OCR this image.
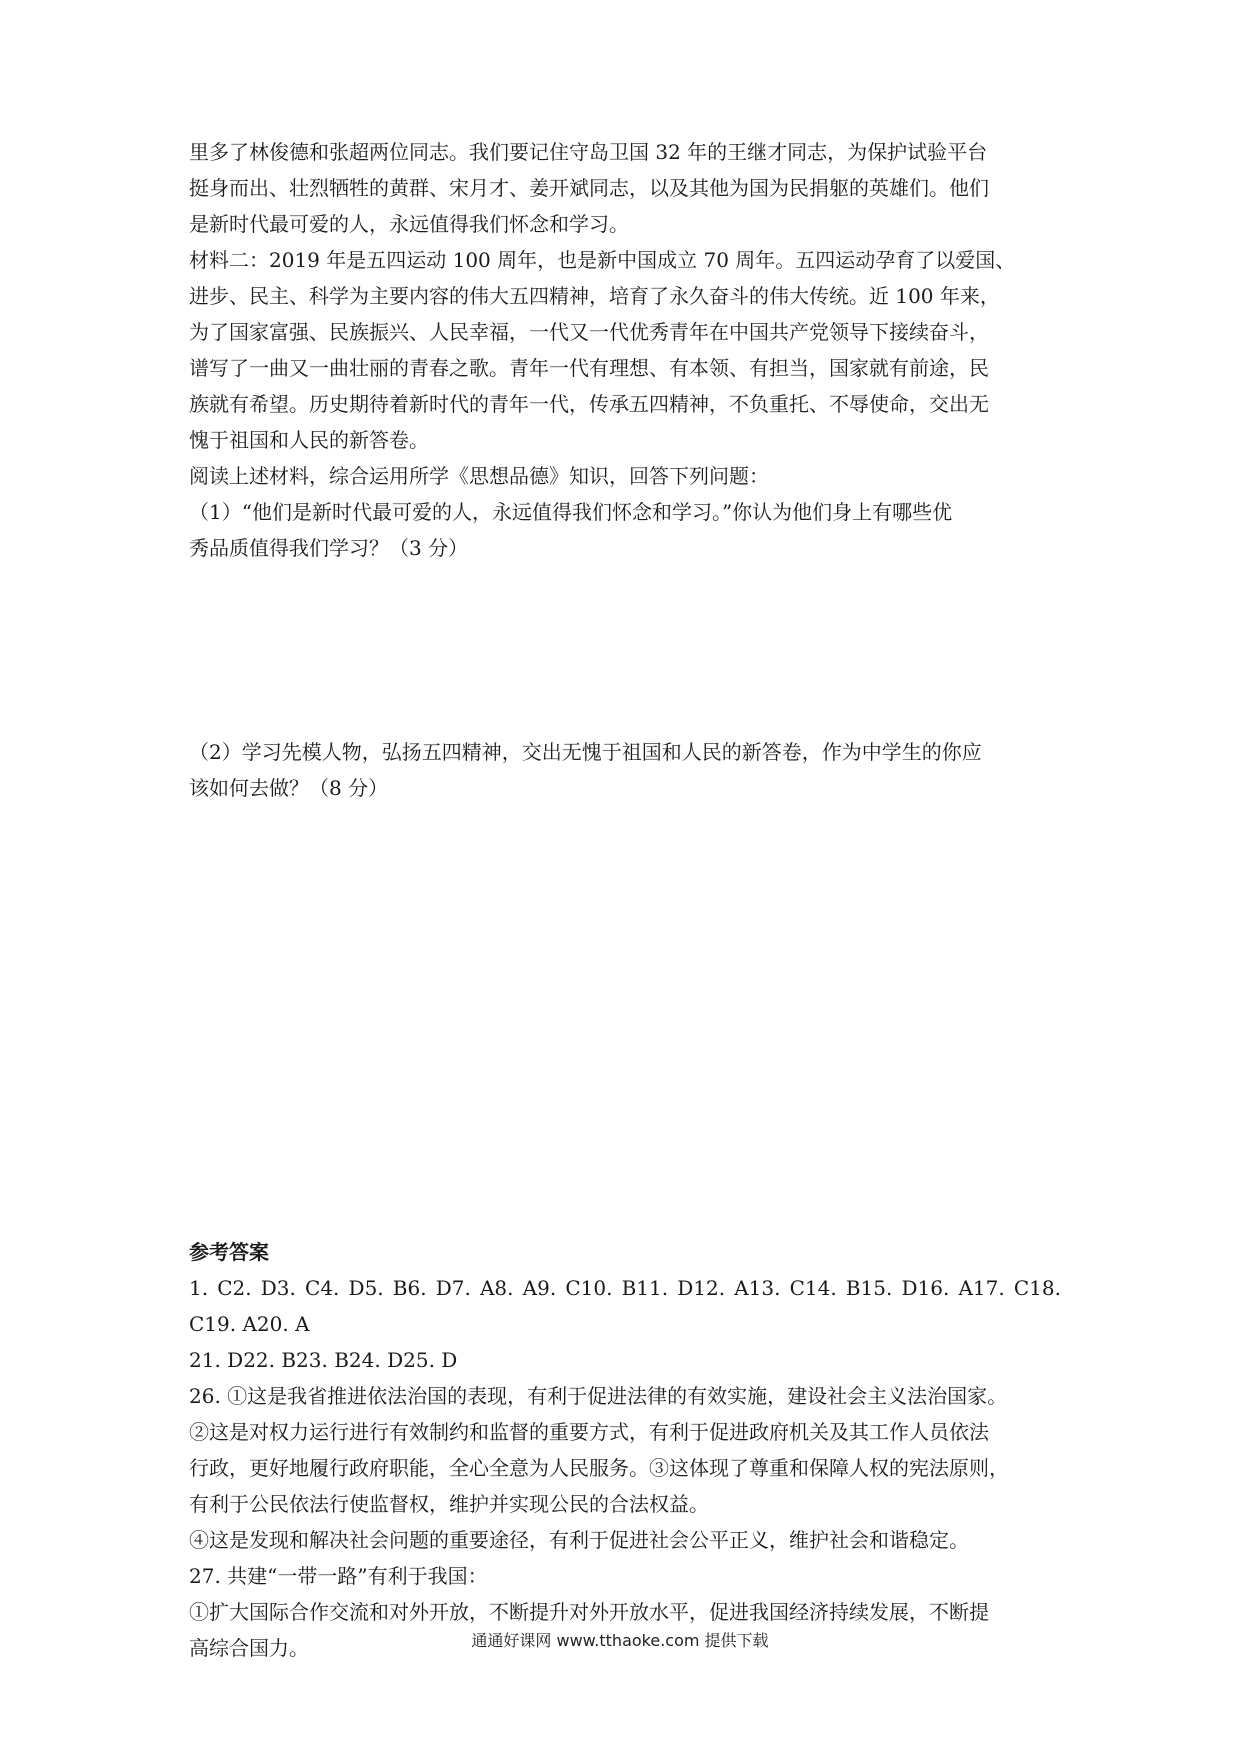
里多了林俊德和张超两位同志。我们要记住守岛卫国 32 年的王继才同志，为保护试验平台

挺身而出、壮烈牺牲的黄群、宋月才、姜开斌同志，以及其他为国为民捐躯的英雄们。他们

是新时代最可爱的人，永远值得我们怀念和学习。

材料二：2019 年是五四运动 100 周年，也是新中国成立 70 周年。五四运动孕育了以爱国、

进步、民主、科学为主要内容的伟大五四精神，培育了永久奋斗的伟大传统。近 100 年来，

为了国家富强、民族振兴、人民幸福，一代又一代优秀青年在中国共产党领导下接续奋斗，

谱写了一曲又一曲壮丽的青春之歌。青年一代有理想、有本领、有担当，国家就有前途，民

族就有希望。历史期待着新时代的青年一代，传承五四精神，不负重托、不辱使命，交出无

愧于祖国和人民的新答卷。

阅读上述材料，综合运用所学《思想品德》知识，回答下列问题：

（1）“他们是新时代最可爱的人，永远值得我们怀念和学习。”你认为他们身上有哪些优

秀品质值得我们学习？（3 分）

（2）学习先模人物，弘扬五四精神，交出无愧于祖国和人民的新答卷，作为中学生的你应

该如何去做？（8 分）

参考答案

1. C2. D3. C4. D5. B6. D7. A8. A9. C10. B11. D12. A13. C14. B15. D16. A17. C18. C19. A20. A

21. D22. B23. B24. D25. D

26. ①这是我省推进依法治国的表现，有利于促进法律的有效实施，建设社会主义法治国家。

②这是对权力运行进行有效制约和监督的重要方式，有利于促进政府机关及其工作人员依法

行政，更好地履行政府职能，全心全意为人民服务。③这体现了尊重和保障人权的宪法原则，

有利于公民依法行使监督权，维护并实现公民的合法权益。

④这是发现和解决社会问题的重要途径，有利于促进社会公平正义，维护社会和谐稳定。

27. 共建“一带一路”有利于我国：

①扩大国际合作交流和对外开放，不断提升对外开放水平，促进我国经济持续发展，不断提

高综合国力。	通通好课网 www.tthaoke.com 提供下载
